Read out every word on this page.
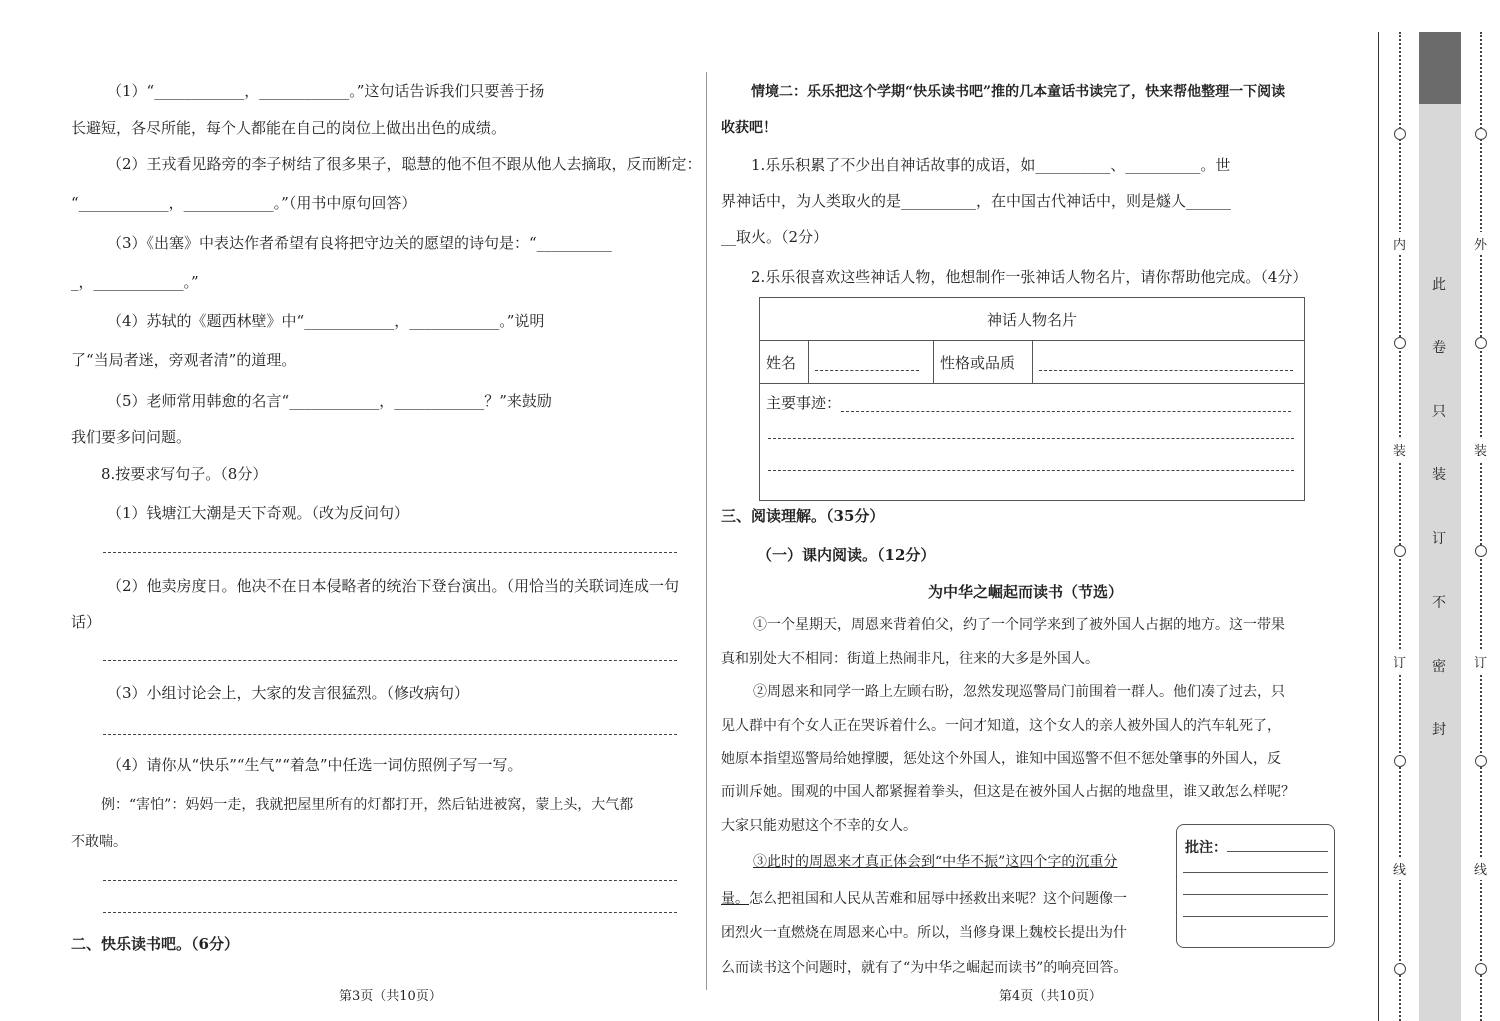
（1）“____________，____________。”这句话告诉我们只要善于扬
长避短，各尽所能，每个人都能在自己的岗位上做出出色的成绩。
（2）王戎看见路旁的李子树结了很多果子，聪慧的他不但不跟从他人去摘取，反而断定：
“____________，____________。”（用书中原句回答）
（3）《出塞》中表达作者希望有良将把守边关的愿望的诗句是：“__________
_，____________。”
（4）苏轼的《题西林壁》中“____________，____________。”说明
了“当局者迷，旁观者清”的道理。
（5）老师常用韩愈的名言“____________，____________？”来鼓励
我们要多问问题。
8.按要求写句子。（8分）
（1）钱塘江大潮是天下奇观。（改为反问句）
（2）他卖房度日。他决不在日本侵略者的统治下登台演出。（用恰当的关联词连成一句
话）
（3）小组讨论会上，大家的发言很猛烈。（修改病句）
（4）请你从“快乐”“生气”“着急”中任选一词仿照例子写一写。
例：“害怕”：妈妈一走，我就把屋里所有的灯都打开，然后钻进被窝，蒙上头，大气都
不敢喘。
二、快乐读书吧。（6分）
第3页（共10页）
情境二：乐乐把这个学期“快乐读书吧”推的几本童话书读完了，快来帮他整理一下阅读
收获吧！
1.乐乐积累了不少出自神话故事的成语，如__________、__________。世
界神话中，为人类取火的是__________，在中国古代神话中，则是燧人______
__取火。（2分）
2.乐乐很喜欢这些神话人物，他想制作一张神话人物名片，请你帮助他完成。（4分）
神话人物名片
姓名		性格或品质	
主要事迹：
三、阅读理解。（35分）
（一）课内阅读。（12分）
为中华之崛起而读书（节选）
①一个星期天，周恩来背着伯父，约了一个同学来到了被外国人占据的地方。这一带果
真和别处大不相同：街道上热闹非凡，往来的大多是外国人。
②周恩来和同学一路上左顾右盼，忽然发现巡警局门前围着一群人。他们凑了过去，只
见人群中有个女人正在哭诉着什么。一问才知道，这个女人的亲人被外国人的汽车轧死了，
她原本指望巡警局给她撑腰，惩处这个外国人，谁知中国巡警不但不惩处肇事的外国人，反
而训斥她。围观的中国人都紧握着拳头，但这是在被外国人占据的地盘里，谁又敢怎么样呢？
大家只能劝慰这个不幸的女人。
③此时的周恩来才真正体会到“中华不振”这四个字的沉重分
量。怎么把祖国和人民从苦难和屈辱中拯救出来呢？这个问题像一
团烈火一直燃烧在周恩来心中。所以，当修身课上魏校长提出为什
么而读书这个问题时，就有了“为中华之崛起而读书”的响亮回答。
批注：
第4页（共10页）
内
装
订
线
外
装
订
线
此
卷
只
装
订
不
密
封
